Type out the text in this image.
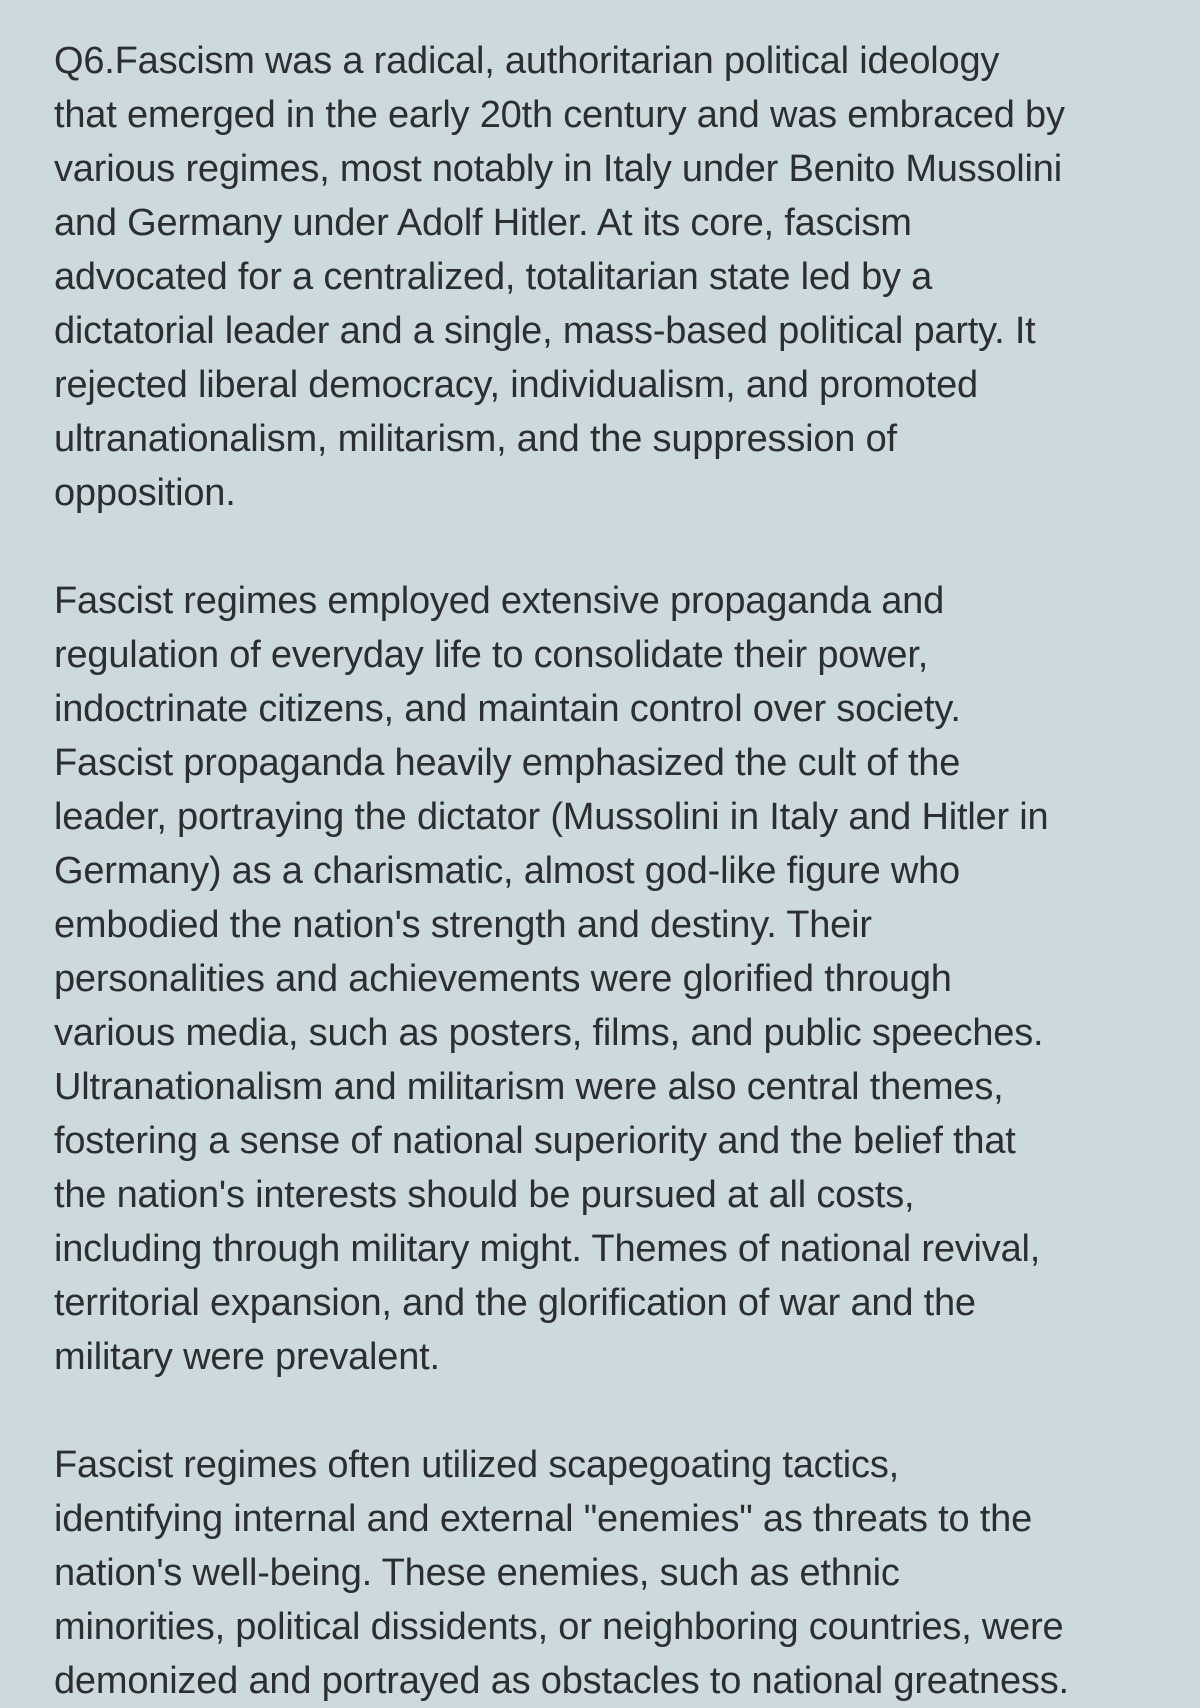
Q6.Fascism was a radical, authoritarian political ideology
that emerged in the early 20th century and was embraced by
various regimes, most notably in Italy under Benito Mussolini
and Germany under Adolf Hitler. At its core, fascism
advocated for a centralized, totalitarian state led by a
dictatorial leader and a single, mass-based political party. It
rejected liberal democracy, individualism, and promoted
ultranationalism, militarism, and the suppression of
opposition.
Fascist regimes employed extensive propaganda and
regulation of everyday life to consolidate their power,
indoctrinate citizens, and maintain control over society.
Fascist propaganda heavily emphasized the cult of the
leader, portraying the dictator (Mussolini in Italy and Hitler in
Germany) as a charismatic, almost god-like figure who
embodied the nation's strength and destiny. Their
personalities and achievements were glorified through
various media, such as posters, films, and public speeches.
Ultranationalism and militarism were also central themes,
fostering a sense of national superiority and the belief that
the nation's interests should be pursued at all costs,
including through military might. Themes of national revival,
territorial expansion, and the glorification of war and the
military were prevalent.
Fascist regimes often utilized scapegoating tactics,
identifying internal and external "enemies" as threats to the
nation's well-being. These enemies, such as ethnic
minorities, political dissidents, or neighboring countries, were
demonized and portrayed as obstacles to national greatness.
